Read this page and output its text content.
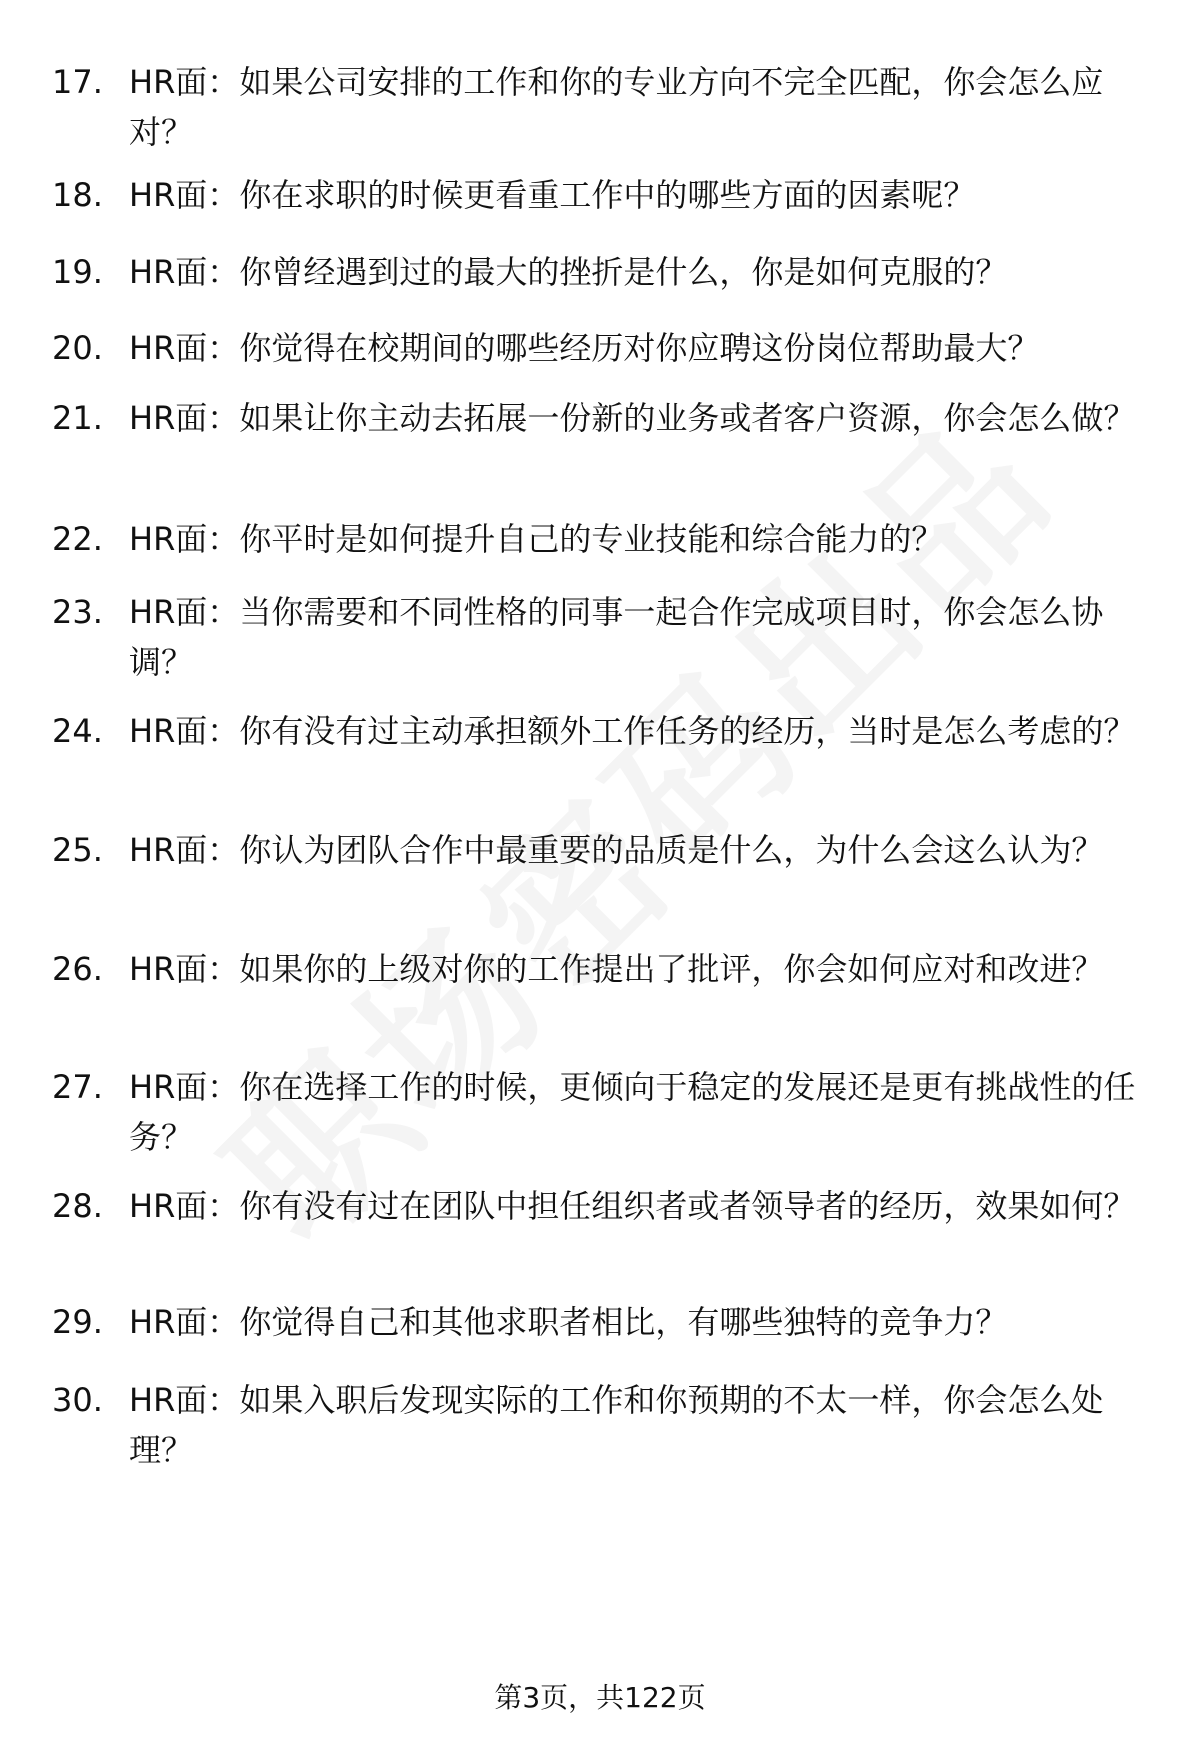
17. HR面：如果公司安排的工作和你的专业方向不完全匹配，你会怎么应对？
18. HR面：你在求职的时候更看重工作中的哪些方面的因素呢？
19. HR面：你曾经遇到过的最大的挫折是什么，你是如何克服的？
20. HR面：你觉得在校期间的哪些经历对你应聘这份岗位帮助最大？
21. HR面：如果让你主动去拓展一份新的业务或者客户资源，你会怎么做？
22. HR面：你平时是如何提升自己的专业技能和综合能力的？
23. HR面：当你需要和不同性格的同事一起合作完成项目时，你会怎么协调？
24. HR面：你有没有过主动承担额外工作任务的经历，当时是怎么考虑的？
25. HR面：你认为团队合作中最重要的品质是什么，为什么会这么认为？
26. HR面：如果你的上级对你的工作提出了批评，你会如何应对和改进？
27. HR面：你在选择工作的时候，更倾向于稳定的发展还是更有挑战性的任务？
28. HR面：你有没有过在团队中担任组织者或者领导者的经历，效果如何？
29. HR面：你觉得自己和其他求职者相比，有哪些独特的竞争力？
30. HR面：如果入职后发现实际的工作和你预期的不太一样，你会怎么处理？
第3页，共122页
